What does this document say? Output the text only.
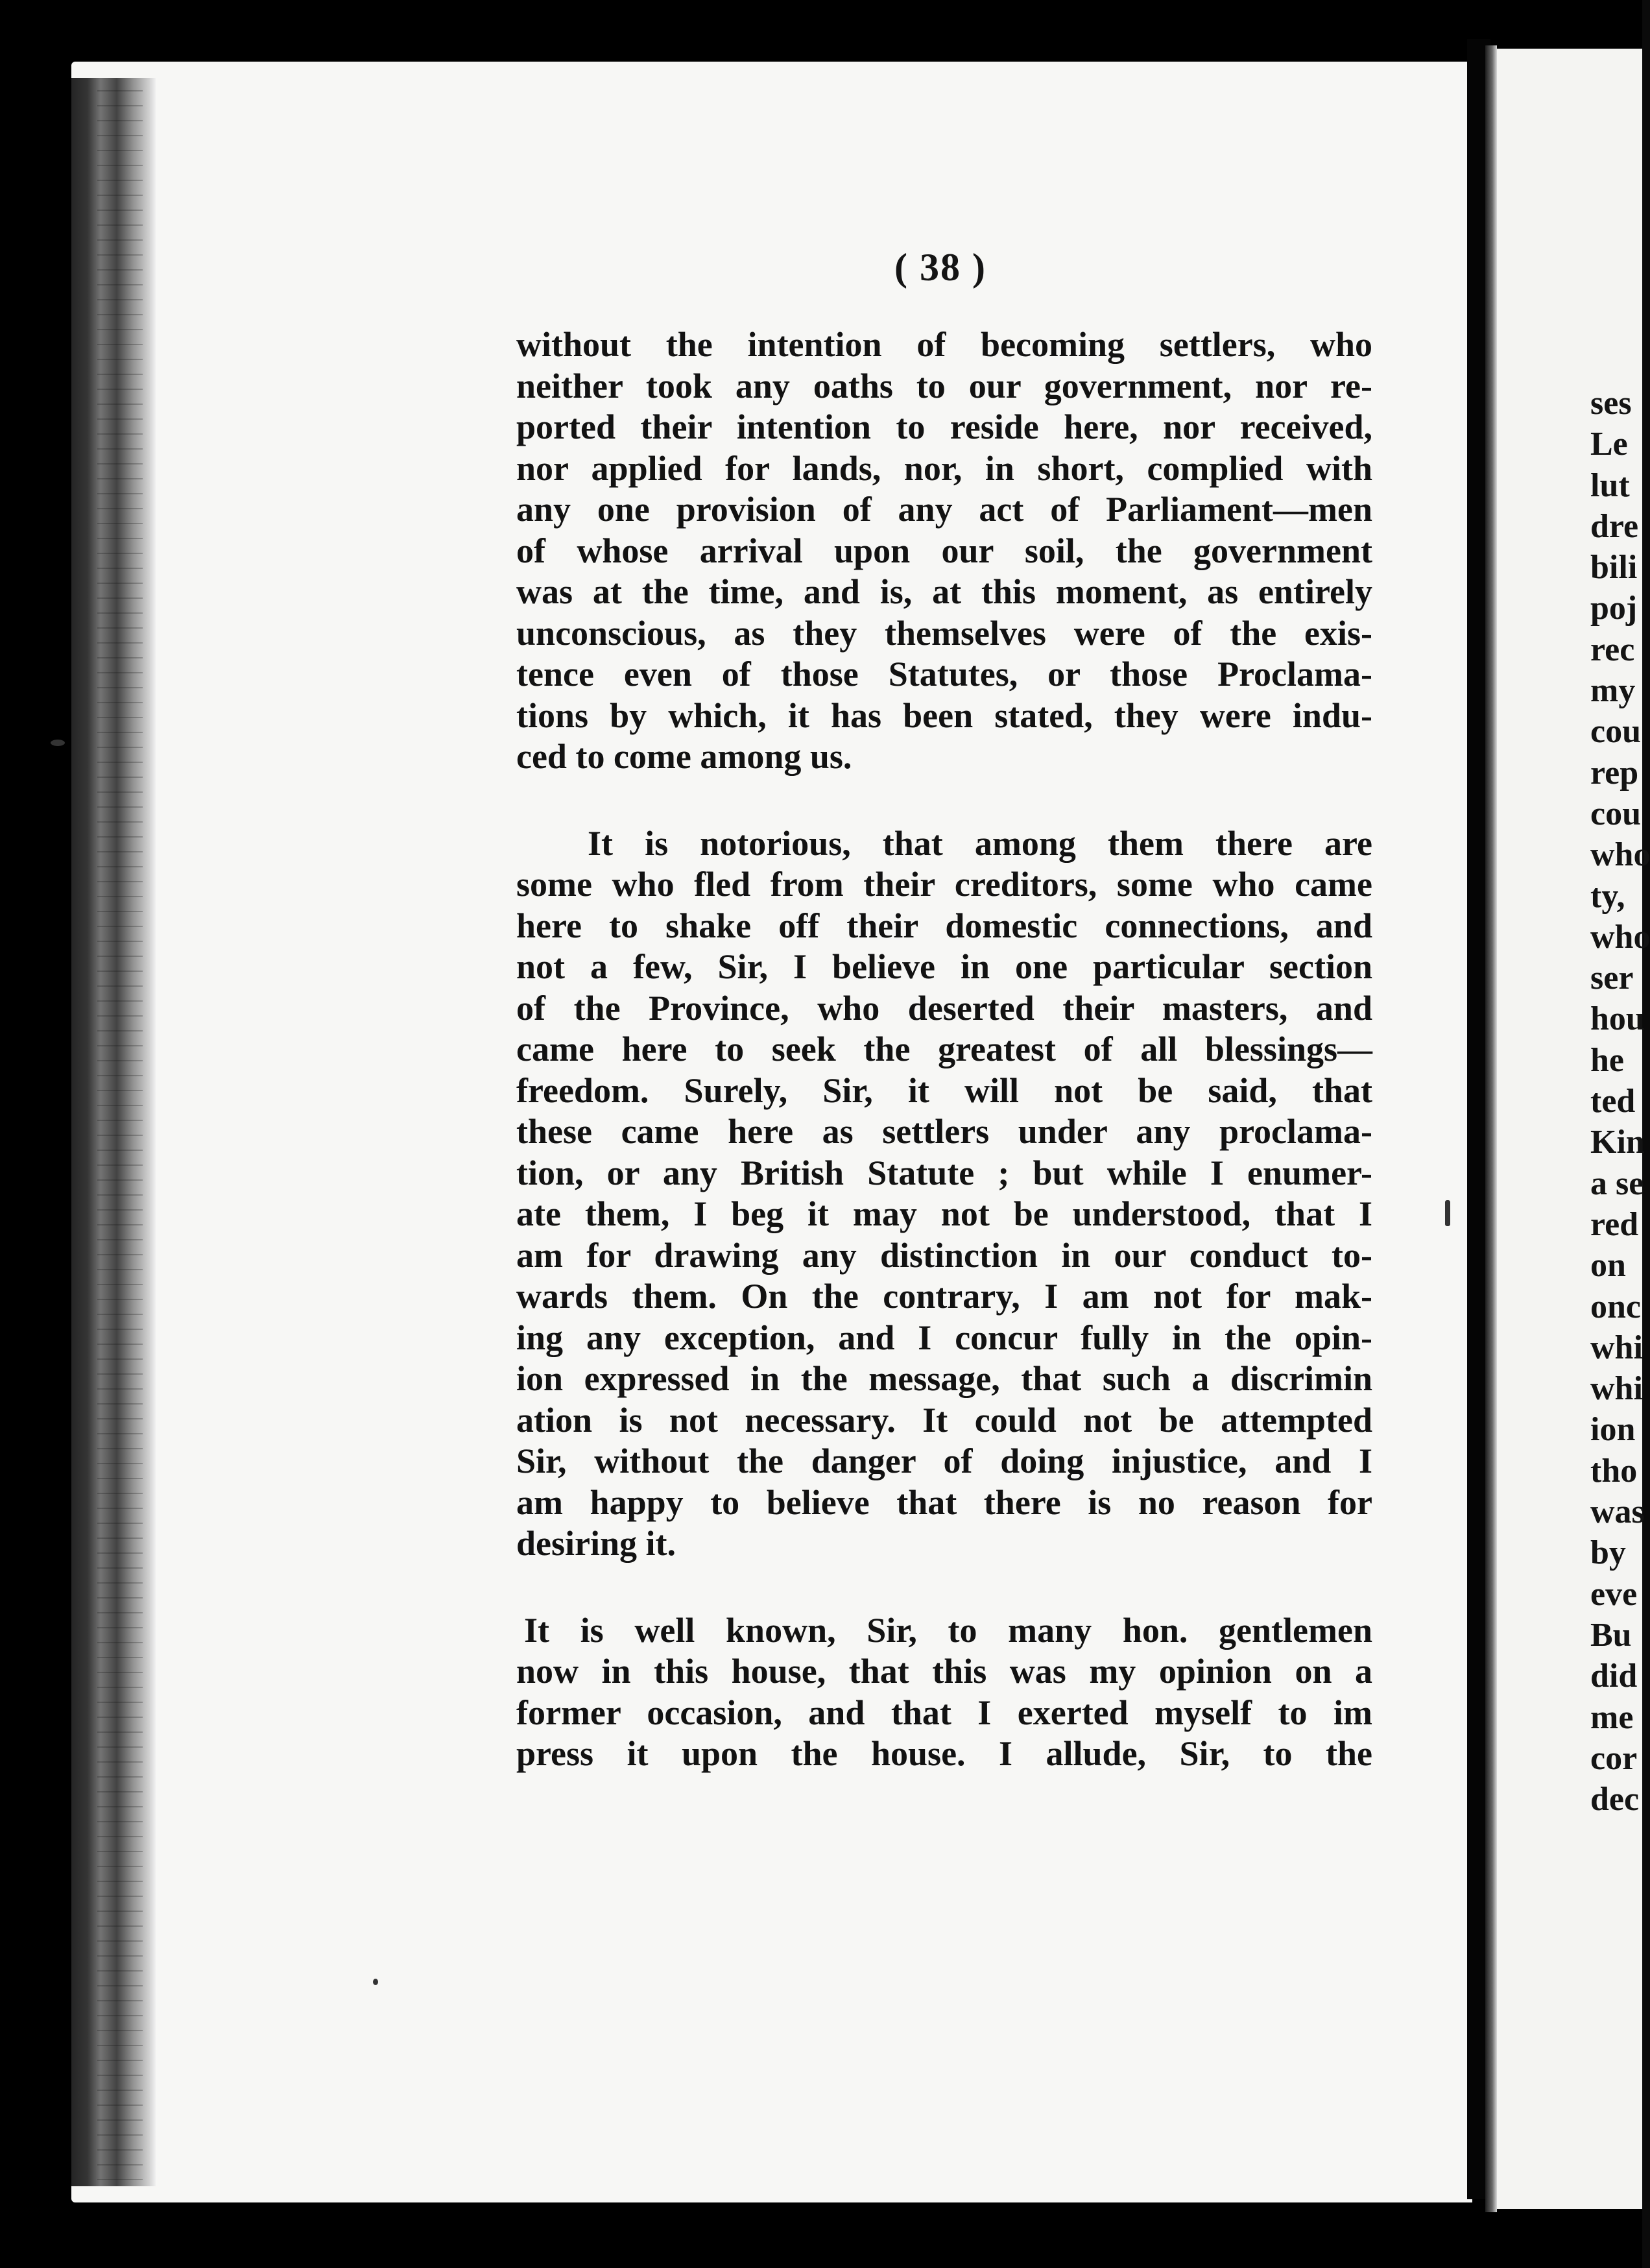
( 38 )
without the intention of becoming settlers, who
neither took any oaths to our government, nor re-
ported their intention to reside here, nor received,
nor applied for lands, nor, in short, complied with
any one provision of any act of Parliament—men
of whose arrival upon our soil, the government
was at the time, and is, at this moment, as entirely
unconscious, as they themselves were of the exis-
tence even of those Statutes, or those Proclama-
tions by which, it has been stated, they were indu-
ced to come among us.
It is notorious, that among them there are
some who fled from their creditors, some who came
here to shake off their domestic connections, and
not a few, Sir, I believe in one particular section
of the Province, who deserted their masters, and
came here to seek the greatest of all blessings—
freedom. Surely, Sir, it will not be said, that
these came here as settlers under any proclama-
tion, or any British Statute ; but while I enumer-
ate them, I beg it may not be understood, that I
am for drawing any distinction in our conduct to-
wards them. On the contrary, I am not for mak-
ing any exception, and I concur fully in the opin-
ion expressed in the message, that such a discrimin
ation is not necessary. It could not be attempted
Sir, without the danger of doing injustice, and I
am happy to believe that there is no reason for
desiring it.
It is well known, Sir, to many hon. gentlemen
now in this house, that this was my opinion on a
former occasion, and that I exerted myself to im
press it upon the house. I allude, Sir, to the
ses
Le
lut
dre
bili
poj
rec
my
cou
rep
cou
who
ty,
who
ser
hou
he
ted
Kin
a se
red
on
onc
whi
whi
ion
tho
was
by
eve
Bu
did
me
cor
dec
